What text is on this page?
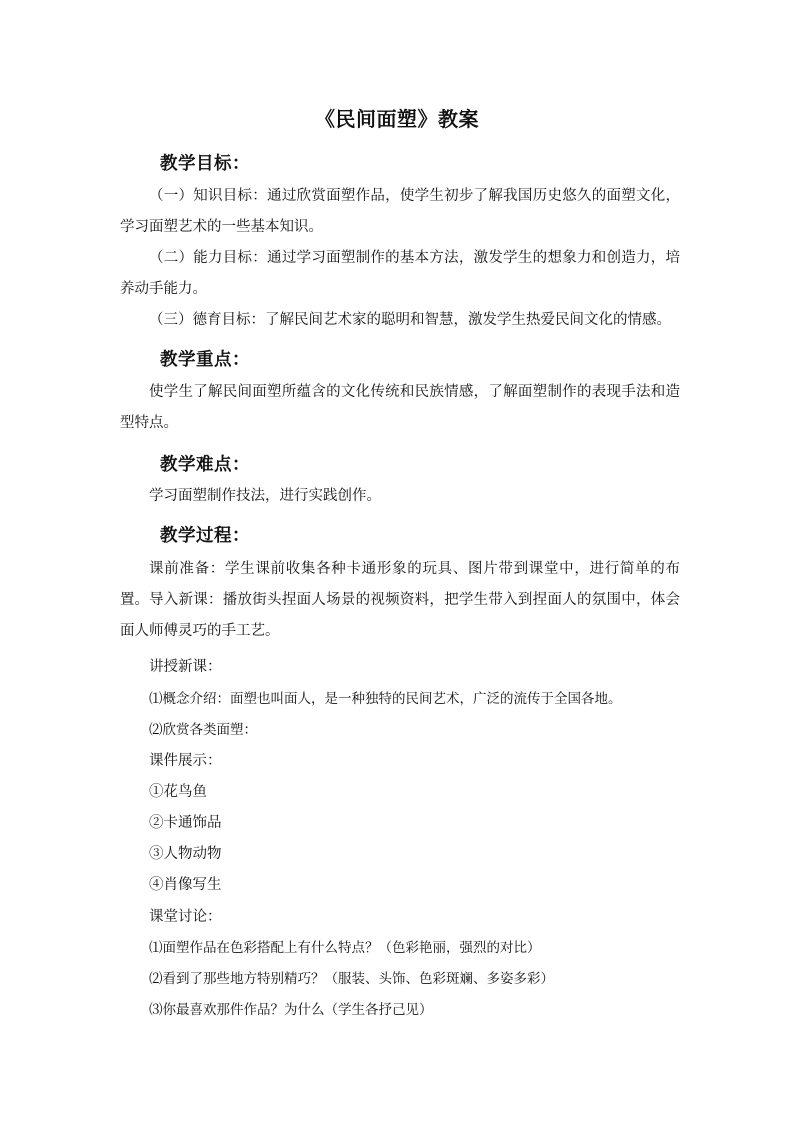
《民间面塑》教案
教学目标：
（一）知识目标：通过欣赏面塑作品，使学生初步了解我国历史悠久的面塑文化，学习面塑艺术的一些基本知识。
（二）能力目标：通过学习面塑制作的基本方法，激发学生的想象力和创造力，培养动手能力。
（三）德育目标：了解民间艺术家的聪明和智慧，激发学生热爱民间文化的情感。
教学重点：
使学生了解民间面塑所蕴含的文化传统和民族情感，了解面塑制作的表现手法和造型特点。
教学难点：
学习面塑制作技法，进行实践创作。
教学过程：
课前准备：学生课前收集各种卡通形象的玩具、图片带到课堂中，进行简单的布置。 导入新课：播放街头捏面人场景的视频资料，把学生带入到捏面人的氛围中，体会面人师傅灵巧的手工艺。
讲授新课：
⑴概念介绍：面塑也叫面人，是一种独特的民间艺术，广泛的流传于全国各地。
⑵欣赏各类面塑：
课件展示：
①花鸟鱼
②卡通饰品
③人物动物
④肖像写生
课堂讨论：
⑴面塑作品在色彩搭配上有什么特点？（色彩艳丽，强烈的对比）
⑵看到了那些地方特别精巧？（服装、头饰、色彩斑斓、多姿多彩）
⑶你最喜欢那件作品？为什么（学生各抒己见）
